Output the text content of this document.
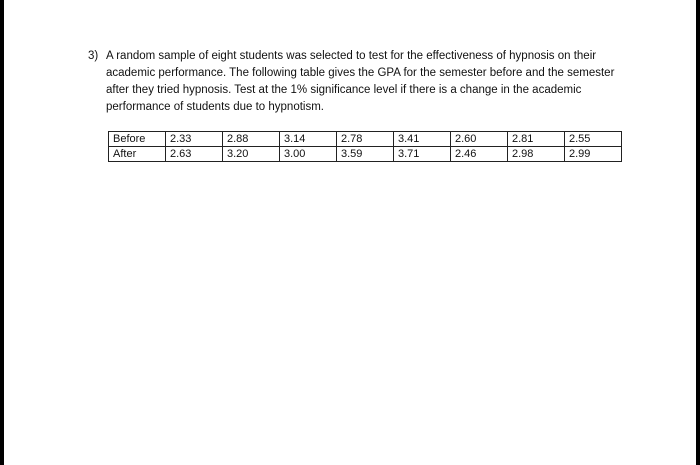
3) A random sample of eight students was selected to test for the effectiveness of hypnosis on their
academic performance. The following table gives the GPA for the semester before and the semester
after they tried hypnosis. Test at the 1% significance level if there is a change in the academic
performance of students due to hypnotism.
Before	2.33	2.88	3.14	2.78	3.41	2.60	2.81	2.55
After	2.63	3.20	3.00	3.59	3.71	2.46	2.98	2.99
